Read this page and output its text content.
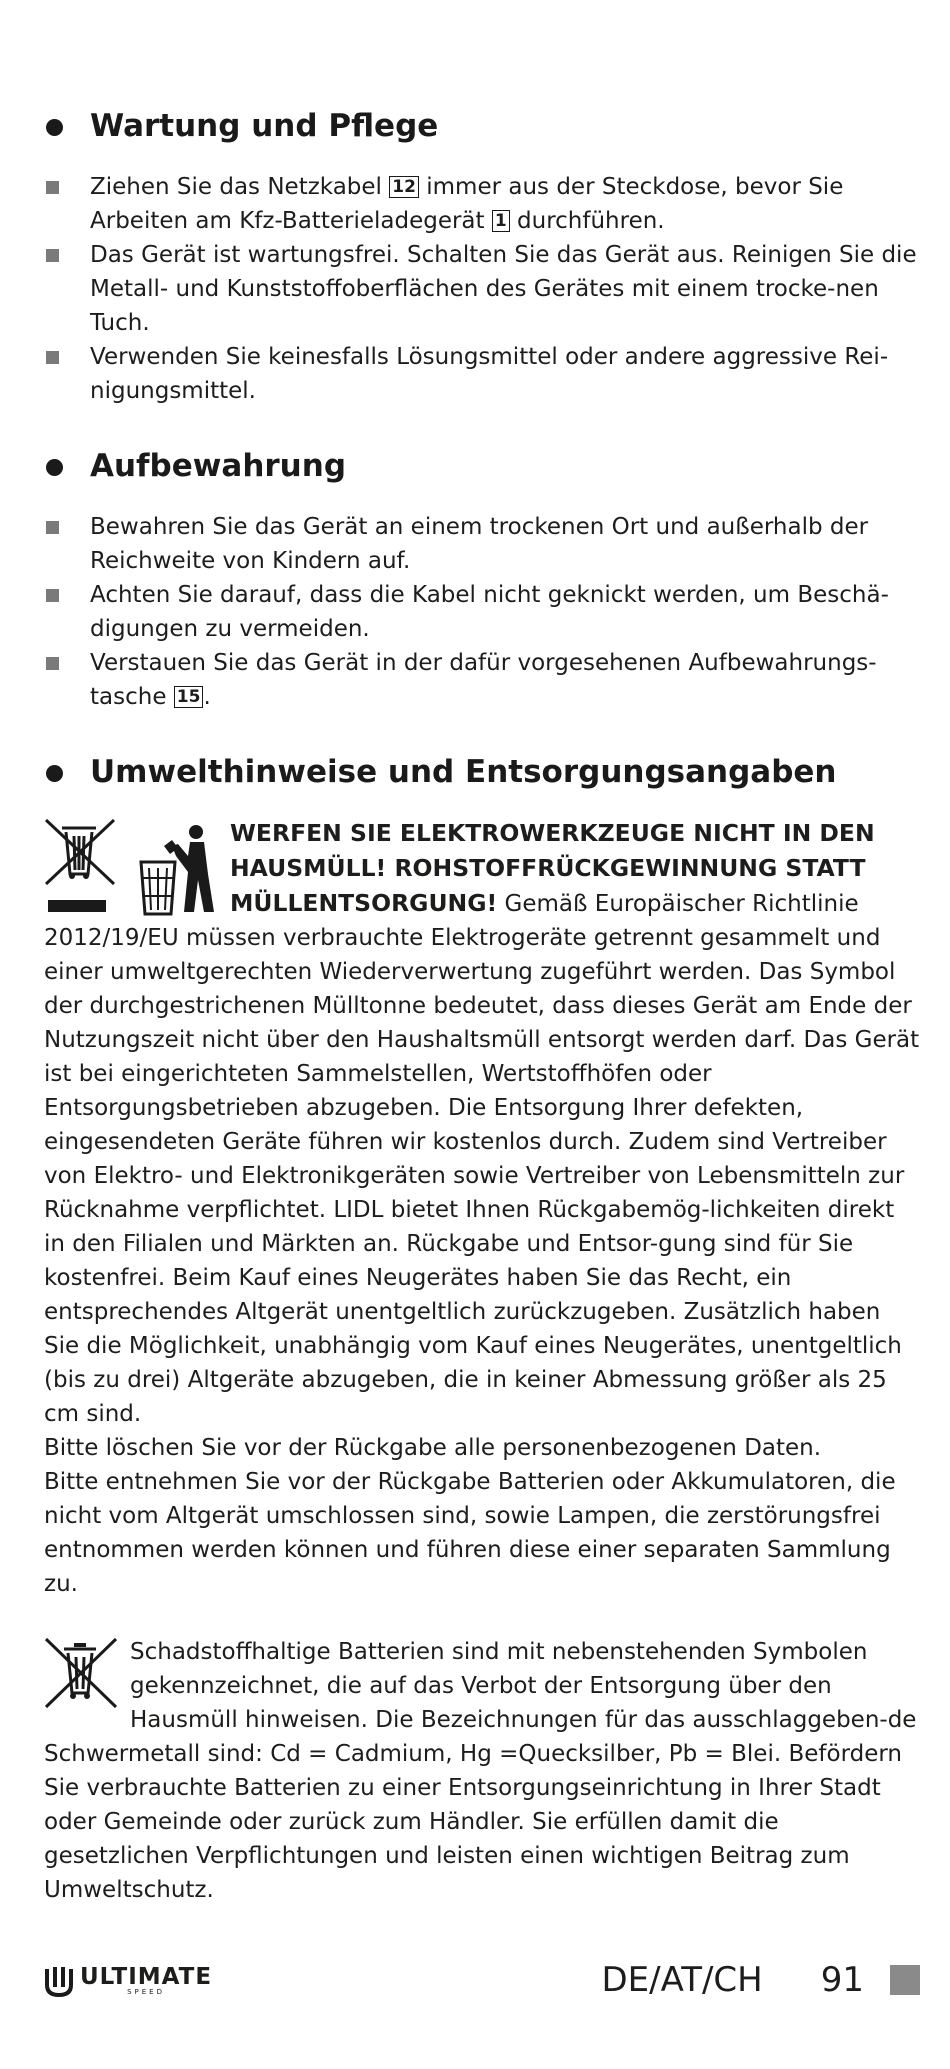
Wartung und Pflege
Ziehen Sie das Netzkabel 12 immer aus der Steckdose, bevor Sie Arbeiten am Kfz-Batterieladegerät 1 durchführen.
Das Gerät ist wartungsfrei. Schalten Sie das Gerät aus. Reinigen Sie die Metall- und Kunststoffoberflächen des Gerätes mit einem trocke-nen Tuch.
Verwenden Sie keinesfalls Lösungsmittel oder andere aggressive Rei-nigungsmittel.
Aufbewahrung
Bewahren Sie das Gerät an einem trockenen Ort und außerhalb der Reichweite von Kindern auf.
Achten Sie darauf, dass die Kabel nicht geknickt werden, um Beschä-digungen zu vermeiden.
Verstauen Sie das Gerät in der dafür vorgesehenen Aufbewahrungs-tasche 15 .
Umwelthinweise und Entsorgungsangaben
WERFEN SIE ELEKTROWERKZEUGE NICHT IN DEN HAUSMÜLL! ROHSTOFFRÜCKGEWINNUNG STATT MÜLLENTSORGUNG! Gemäß Europäischer Richtlinie 2012/19/EU müssen verbrauchte Elektrogeräte getrennt gesammelt und einer umweltgerechten Wiederverwertung zugeführt werden. Das Symbol der durchgestrichenen Mülltonne bedeutet, dass dieses Gerät am Ende der Nutzungszeit nicht über den Haushaltsmüll entsorgt werden darf. Das Gerät ist bei eingerichteten Sammelstellen, Wertstoffhöfen oder Entsorgungsbetrieben abzugeben. Die Entsorgung Ihrer defekten, eingesendeten Geräte führen wir kostenlos durch. Zudem sind Vertreiber von Elektro- und Elektronikgeräten sowie Vertreiber von Lebensmitteln zur Rücknahme verpflichtet. LIDL bietet Ihnen Rückgabemög-lichkeiten direkt in den Filialen und Märkten an. Rückgabe und Entsor-gung sind für Sie kostenfrei. Beim Kauf eines Neugerätes haben Sie das Recht, ein entsprechendes Altgerät unentgeltlich zurückzugeben. Zusätzlich haben Sie die Möglichkeit, unabhängig vom Kauf eines Neugerätes, unentgeltlich (bis zu drei) Altgeräte abzugeben, die in keiner Abmessung größer als 25 cm sind.
Bitte löschen Sie vor der Rückgabe alle personenbezogenen Daten.
Bitte entnehmen Sie vor der Rückgabe Batterien oder Akkumulatoren, die nicht vom Altgerät umschlossen sind, sowie Lampen, die zerstörungsfrei entnommen werden können und führen diese einer separaten Sammlung zu.
Schadstoffhaltige Batterien sind mit nebenstehenden Symbolen gekennzeichnet, die auf das Verbot der Entsorgung über den Hausmüll hinweisen. Die Bezeichnungen für das ausschlaggeben-de Schwermetall sind: Cd = Cadmium, Hg =Quecksilber, Pb = Blei. Befördern Sie verbrauchte Batterien zu einer Entsorgungseinrichtung in Ihrer Stadt oder Gemeinde oder zurück zum Händler. Sie erfüllen damit die gesetzlichen Verpflichtungen und leisten einen wichtigen Beitrag zum Umweltschutz.
ULTIMATE
SPEED	DE/AT/CH 91
